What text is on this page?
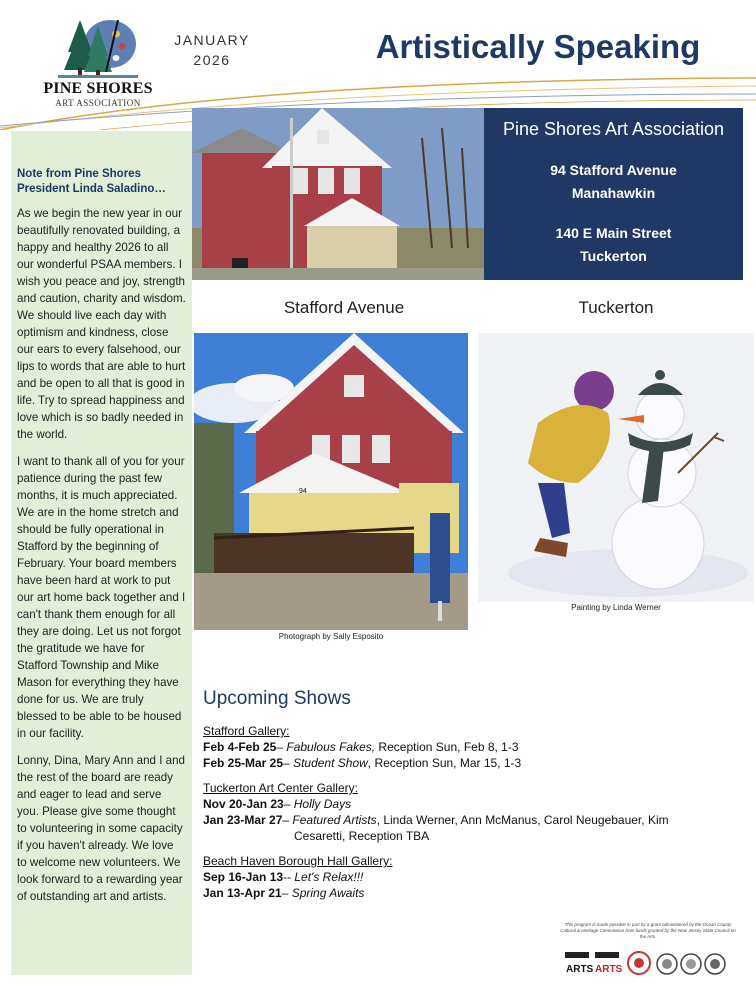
PINE SHORES
ART ASSOCIATION
JANUARY
2026	Artistically Speaking
Note from Pine Shores President Linda Saladino…

As we begin the new year in our beautifully renovated building, a happy and healthy 2026 to all our wonderful PSAA members. I wish you peace and joy, strength and caution, charity and wisdom. We should live each day with optimism and kindness, close our ears to every falsehood, our lips to words that are able to hurt and be open to all that is good in life. Try to spread happiness and love which is so badly needed in the world.

I want to thank all of you for your patience during the past few months, it is much appreciated. We are in the home stretch and should be fully operational in Stafford by the beginning of February. Your board members have been hard at work to put our art home back together and I can't thank them enough for all they are doing. Let us not forgot the gratitude we have for Stafford Township and Mike Mason for everything they have done for us. We are truly blessed to be able to be housed in our facility.

Lonny, Dina, Mary Ann and I and the rest of the board are ready and eager to lead and serve you. Please give some thought to volunteering in some capacity if you haven't already. We love to welcome new volunteers. We look forward to a rewarding year of outstanding art and artists.

Pine Shores Art Association
94 Stafford Avenue
Manahawkin
140 E Main Street
Tuckerton
Stafford Avenue	Tuckerton
94
Photograph by Sally Esposito
Painting by Linda Werner
Upcoming Shows
Stafford Gallery:
Feb 4-Feb 25 – Fabulous Fakes, Reception Sun, Feb 8, 1-3
Feb 25-Mar 25 – Student Show, Reception Sun, Mar 15, 1-3
Tuckerton Art Center Gallery:
Nov 20-Jan 23 – Holly Days
Jan 23-Mar 27 – Featured Artists, Linda Werner, Ann McManus, Carol Neugebauer, Kim
Cesaretti, Reception TBA
Beach Haven Borough Hall Gallery:
Sep 16-Jan 13 -- Let's Relax!!!
Jan 13-Apr 21 – Spring Awaits
This program is made possible in part by a grant administered by the Ocean County Cultural & Heritage Commission from funds granted by the New Jersey State Council on the Arts.
ARTS ARTS
